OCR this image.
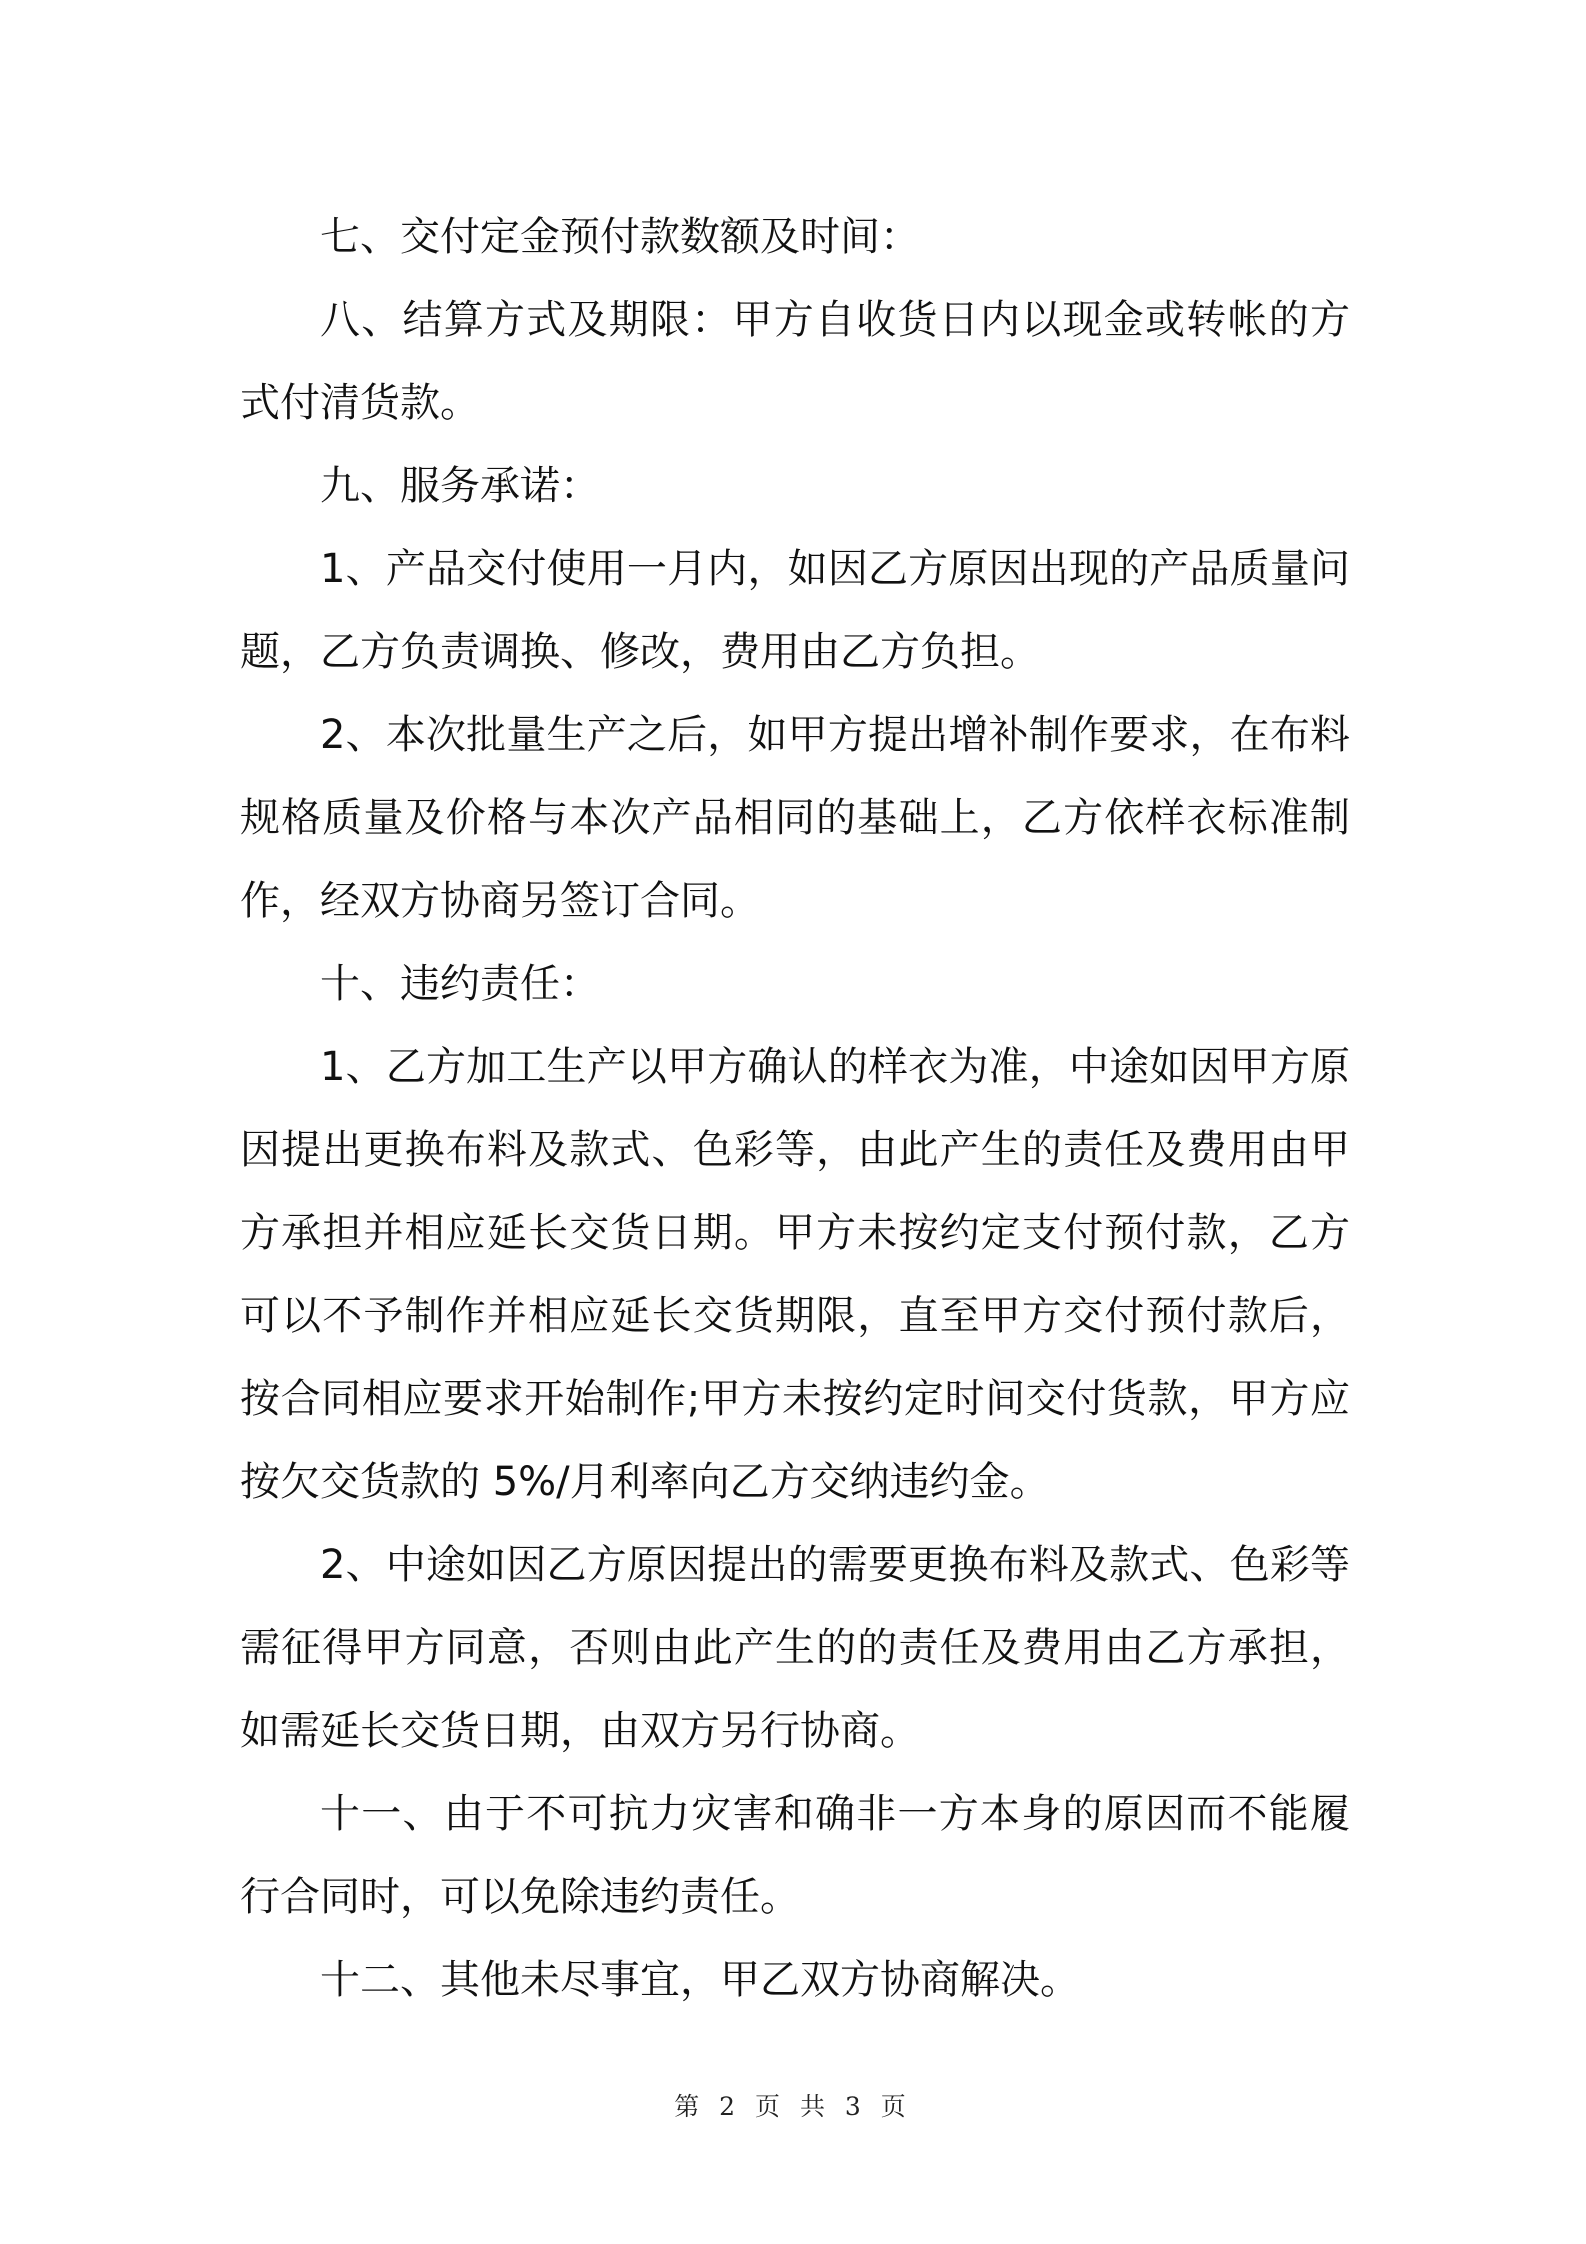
七、交付定金预付款数额及时间：

八、结算方式及期限：甲方自收货日内以现金或转帐的方式付清货款。

九、服务承诺：

1、产品交付使用一月内，如因乙方原因出现的产品质量问题，乙方负责调换、修改，费用由乙方负担。

2、本次批量生产之后，如甲方提出增补制作要求，在布料规格质量及价格与本次产品相同的基础上，乙方依样衣标准制作，经双方协商另签订合同。

十、违约责任：

1、乙方加工生产以甲方确认的样衣为准，中途如因甲方原因提出更换布料及款式、色彩等，由此产生的责任及费用由甲方承担并相应延长交货日期。甲方未按约定支付预付款，乙方可以不予制作并相应延长交货期限，直至甲方交付预付款后，按合同相应要求开始制作;甲方未按约定时间交付货款，甲方应按欠交货款的 5%/月利率向乙方交纳违约金。

2、中途如因乙方原因提出的需要更换布料及款式、色彩等需征得甲方同意，否则由此产生的的责任及费用由乙方承担，如需延长交货日期，由双方另行协商。

十一、由于不可抗力灾害和确非一方本身的原因而不能履行合同时，可以免除违约责任。

十二、其他未尽事宜，甲乙双方协商解决。

第 2 页 共 3 页
